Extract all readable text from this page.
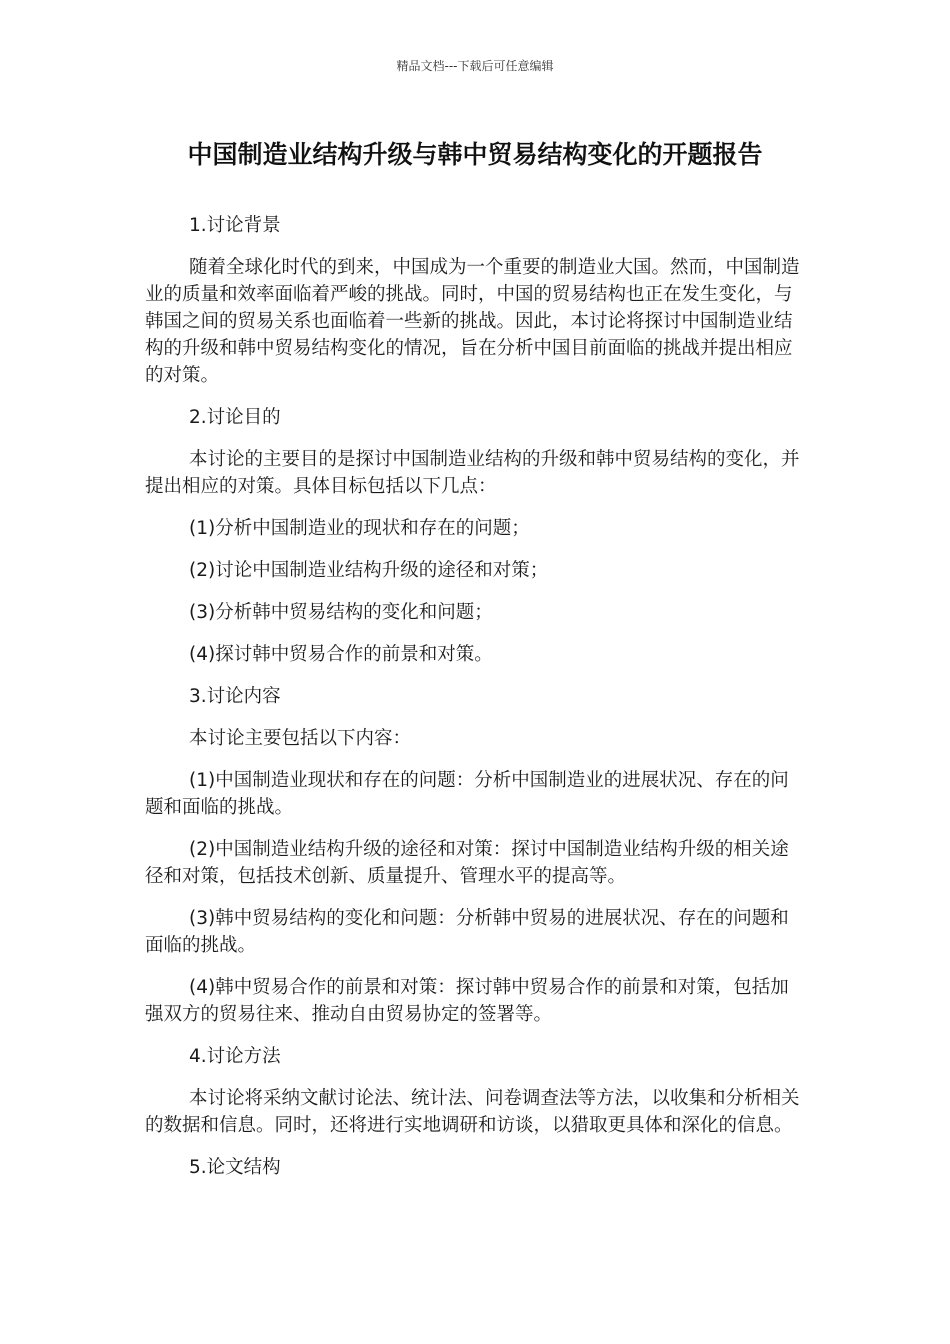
精品文档---下载后可任意编辑
中国制造业结构升级与韩中贸易结构变化的开题报告

1.讨论背景

随着全球化时代的到来，中国成为一个重要的制造业大国。然而，中国制造业的质量和效率面临着严峻的挑战。同时，中国的贸易结构也正在发生变化，与韩国之间的贸易关系也面临着一些新的挑战。因此，本讨论将探讨中国制造业结构的升级和韩中贸易结构变化的情况，旨在分析中国目前面临的挑战并提出相应的对策。

2.讨论目的

本讨论的主要目的是探讨中国制造业结构的升级和韩中贸易结构的变化，并提出相应的对策。具体目标包括以下几点：

(1)分析中国制造业的现状和存在的问题；

(2)讨论中国制造业结构升级的途径和对策；

(3)分析韩中贸易结构的变化和问题；

(4)探讨韩中贸易合作的前景和对策。

3.讨论内容

本讨论主要包括以下内容：

(1)中国制造业现状和存在的问题：分析中国制造业的进展状况、存在的问题和面临的挑战。

(2)中国制造业结构升级的途径和对策：探讨中国制造业结构升级的相关途径和对策，包括技术创新、质量提升、管理水平的提高等。

(3)韩中贸易结构的变化和问题：分析韩中贸易的进展状况、存在的问题和面临的挑战。

(4)韩中贸易合作的前景和对策：探讨韩中贸易合作的前景和对策，包括加强双方的贸易往来、推动自由贸易协定的签署等。

4.讨论方法

本讨论将采纳文献讨论法、统计法、问卷调查法等方法，以收集和分析相关的数据和信息。同时，还将进行实地调研和访谈，以猎取更具体和深化的信息。

5.论文结构
